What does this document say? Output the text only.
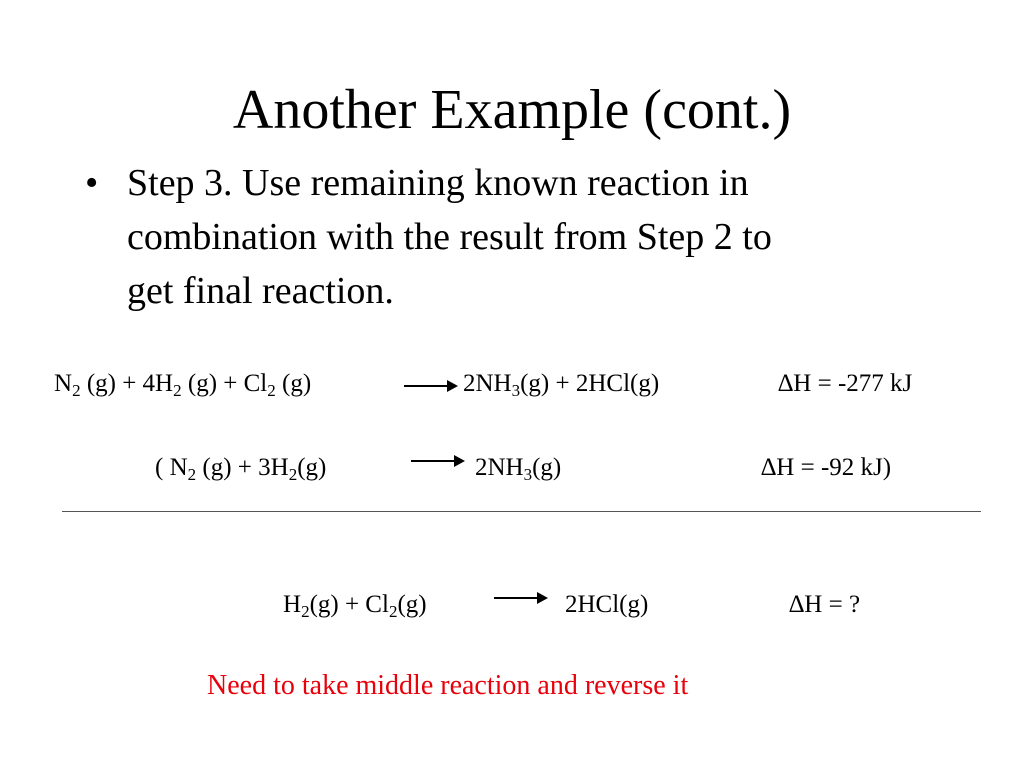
Another Example (cont.)
• Step 3. Use remaining known reaction in
combination with the result from Step 2 to
get final reaction.
$N_2$ $(g) + 4H_2$ $(g) + Cl_2$ (g)	$2NH_3(g) + 2HCl(g)$	∆H = -277 kJ
( $N_2$ $(g) + 3H_2(g)$	$2NH_3(g)$	∆H = -92 kJ)
$H_2(g) + Cl_2(g)$	2HCl(g)	∆H = ?
Need to take middle reaction and reverse it
